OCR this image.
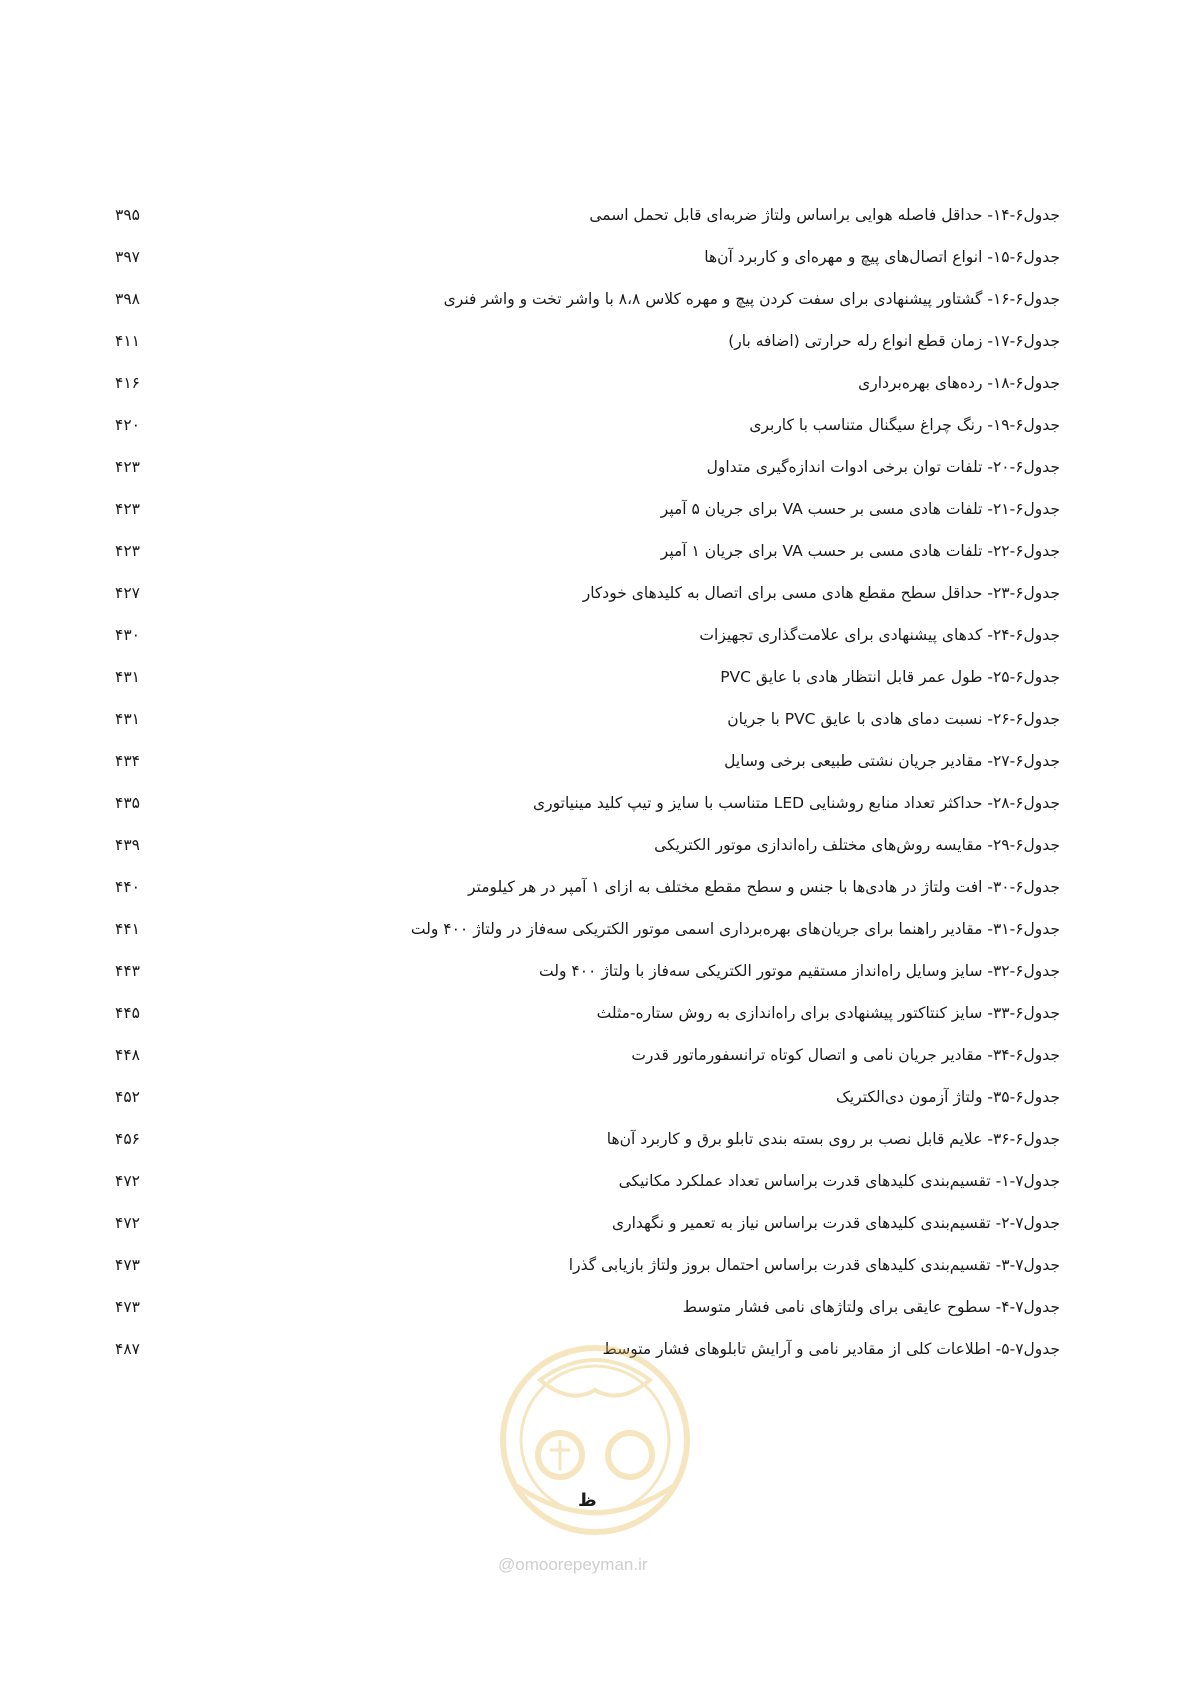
جدول۶-۱۴- حداقل فاصله هوایی براساس ولتاژ ضربه‌ای قابل تحمل اسمی
۳۹۵
جدول۶-۱۵- انواع اتصال‌های پیچ و مهره‌ای و کاربرد آن‌ها
۳۹۷
جدول۶-۱۶- گشتاور پیشنهادی برای سفت کردن پیچ و مهره کلاس ۸،۸ با واشر تخت و واشر فنری
۳۹۸
جدول۶-۱۷- زمان قطع انواع رله حرارتی (اضافه بار)
۴۱۱
جدول۶-۱۸- رده‌های بهره‌برداری
۴۱۶
جدول۶-۱۹- رنگ چراغ سیگنال متناسب با کاربری
۴۲۰
جدول۶-۲۰- تلفات توان برخی ادوات اندازه‌گیری متداول
۴۲۳
جدول۶-۲۱- تلفات هادی مسی بر حسب VA برای جریان ۵ آمپر
۴۲۳
جدول۶-۲۲- تلفات هادی مسی بر حسب VA برای جریان ۱ آمپر
۴۲۳
جدول۶-۲۳- حداقل سطح مقطع هادی مسی برای اتصال به کلیدهای خودکار
۴۲۷
جدول۶-۲۴- کدهای پیشنهادی برای علامت‌گذاری تجهیزات
۴۳۰
جدول۶-۲۵- طول عمر قابل انتظار هادی با عایق PVC
۴۳۱
جدول۶-۲۶- نسبت دمای هادی با عایق PVC با جریان
۴۳۱
جدول۶-۲۷- مقادیر جریان نشتی طبیعی برخی وسایل
۴۳۴
جدول۶-۲۸- حداکثر تعداد منابع روشنایی LED متناسب با سایز و تیپ کلید مینیاتوری
۴۳۵
جدول۶-۲۹- مقایسه روش‌های مختلف راه‌اندازی موتور الکتریکی
۴۳۹
جدول۶-۳۰- افت ولتاژ در هادی‌ها با جنس و سطح مقطع مختلف به ازای ۱ آمپر در هر کیلومتر
۴۴۰
جدول۶-۳۱- مقادیر راهنما برای جریان‌های بهره‌برداری اسمی موتور الکتریکی سه‌فاز در ولتاژ ۴۰۰ ولت
۴۴۱
جدول۶-۳۲- سایز وسایل راه‌انداز مستقیم موتور الکتریکی سه‌فاز با ولتاژ ۴۰۰ ولت
۴۴۳
جدول۶-۳۳- سایز کنتاکتور پیشنهادی برای راه‌اندازی به روش ستاره-مثلث
۴۴۵
جدول۶-۳۴- مقادیر جریان نامی و اتصال کوتاه ترانسفورماتور قدرت
۴۴۸
جدول۶-۳۵- ولتاژ آزمون دی‌الکتریک
۴۵۲
جدول۶-۳۶- علایم قابل نصب بر روی بسته بندی تابلو برق و کاربرد آن‌ها
۴۵۶
جدول۷-۱- تقسیم‌بندی کلیدهای قدرت براساس تعداد عملکرد مکانیکی
۴۷۲
جدول۷-۲- تقسیم‌بندی کلیدهای قدرت براساس نیاز به تعمیر و نگهداری
۴۷۲
جدول۷-۳- تقسیم‌بندی کلیدهای قدرت براساس احتمال بروز ولتاژ بازیابی گذرا
۴۷۳
جدول۷-۴- سطوح عایقی برای ولتاژهای نامی فشار متوسط
۴۷۳
جدول۷-۵- اطلاعات کلی از مقادیر نامی و آرایش تابلوهای فشار متوسط
۴۸۷
ظ
@omoorepeyman.ir
